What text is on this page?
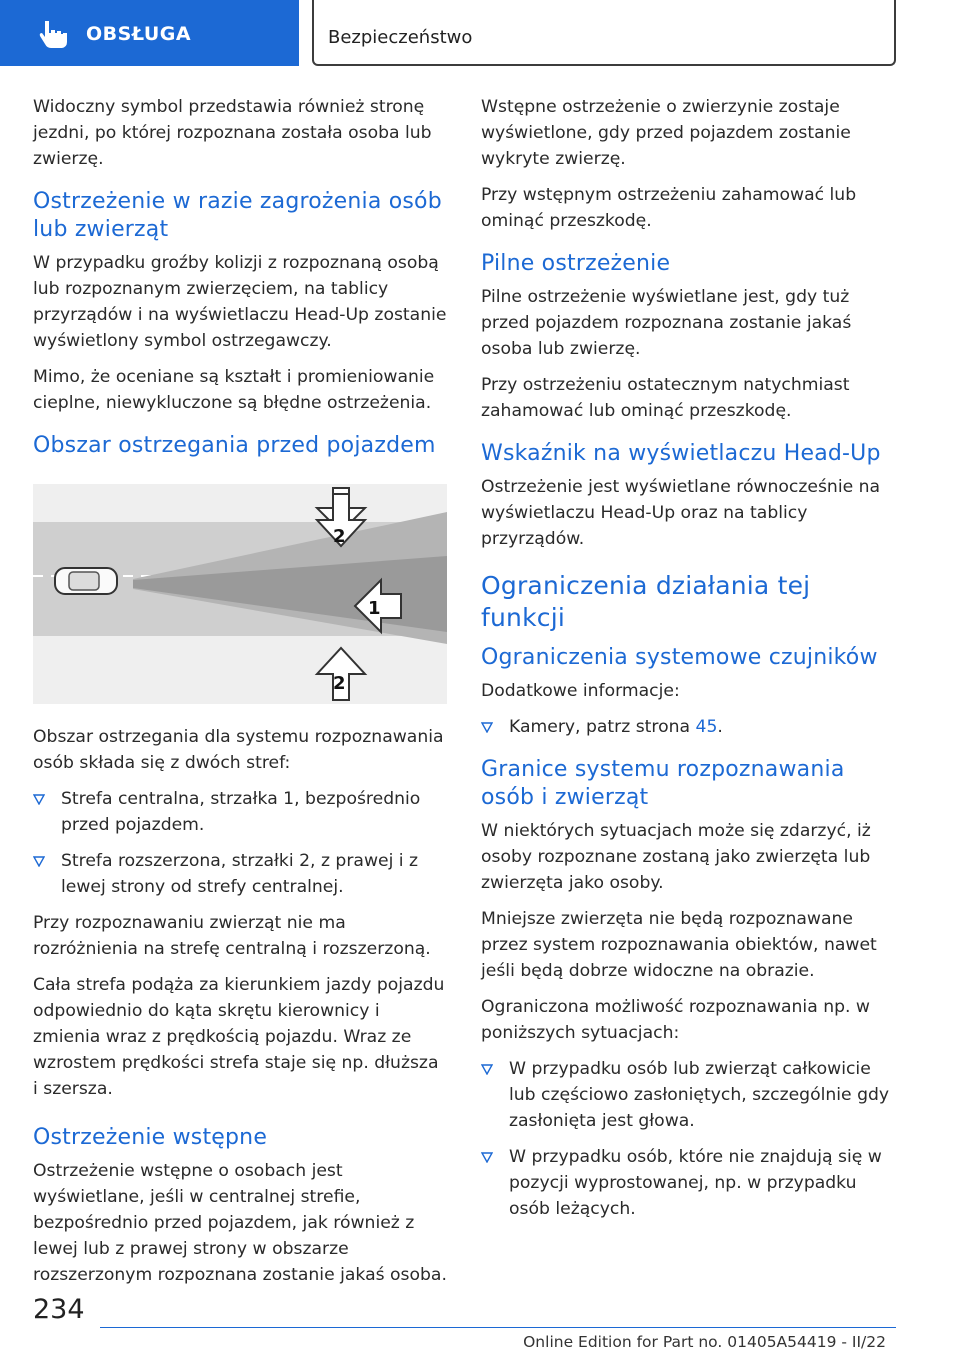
OBSŁUGA	Bezpieczeństwo

Widoczny symbol przedstawia również stronę jezdni, po której rozpoznana została osoba lub zwierzę.

Ostrzeżenie w razie zagrożenia osób lub zwierząt

W przypadku groźby kolizji z rozpoznaną osobą lub rozpoznanym zwierzęciem, na tablicy przyrządów i na wyświetlaczu Head-Up zostanie wyświetlony symbol ostrzegawczy.

Mimo, że oceniane są kształt i promieniowanie cieplne, niewykluczone są błędne ostrzeżenia.

Obszar ostrzegania przed pojazdem
2
1
2

Obszar ostrzegania dla systemu rozpoznawania osób składa się z dwóch stref:

Strefa centralna, strzałka 1, bezpośrednio przed pojazdem.
Strefa rozszerzona, strzałki 2, z prawej i z lewej strony od strefy centralnej.

Przy rozpoznawaniu zwierząt nie ma rozróżnienia na strefę centralną i rozszerzoną.

Cała strefa podąża za kierunkiem jazdy pojazdu odpowiednio do kąta skrętu kierownicy i zmienia wraz z prędkością pojazdu. Wraz ze wzrostem prędkości strefa staje się np. dłuższa i szersza.

Ostrzeżenie wstępne

Ostrzeżenie wstępne o osobach jest wyświetlane, jeśli w centralnej strefie, bezpośrednio przed pojazdem, jak również z lewej lub z prawej strony w obszarze rozszerzonym rozpoznana zostanie jakaś osoba.

Wstępne ostrzeżenie o zwierzynie zostaje wyświetlone, gdy przed pojazdem zostanie wykryte zwierzę.

Przy wstępnym ostrzeżeniu zahamować lub ominąć przeszkodę.

Pilne ostrzeżenie

Pilne ostrzeżenie wyświetlane jest, gdy tuż przed pojazdem rozpoznana zostanie jakaś osoba lub zwierzę.

Przy ostrzeżeniu ostatecznym natychmiast zahamować lub ominąć przeszkodę.

Wskaźnik na wyświetlaczu Head-Up

Ostrzeżenie jest wyświetlane równocześnie na wyświetlaczu Head-Up oraz na tablicy przyrządów.

Ograniczenia działania tej funkcji
Ograniczenia systemowe czujników

Dodatkowe informacje:

Kamery, patrz strona 45.
Granice systemu rozpoznawania osób i zwierząt

W niektórych sytuacjach może się zdarzyć, iż osoby rozpoznane zostaną jako zwierzęta lub zwierzęta jako osoby.

Mniejsze zwierzęta nie będą rozpoznawane przez system rozpoznawania obiektów, nawet jeśli będą dobrze widoczne na obrazie.

Ograniczona możliwość rozpoznawania np. w poniższych sytuacjach:

W przypadku osób lub zwierząt całkowicie lub częściowo zasłoniętych, szczególnie gdy zasłonięta jest głowa.
W przypadku osób, które nie znajdują się w pozycji wyprostowanej, np. w przypadku osób leżących.
234
Online Edition for Part no. 01405A54419 - II/22
